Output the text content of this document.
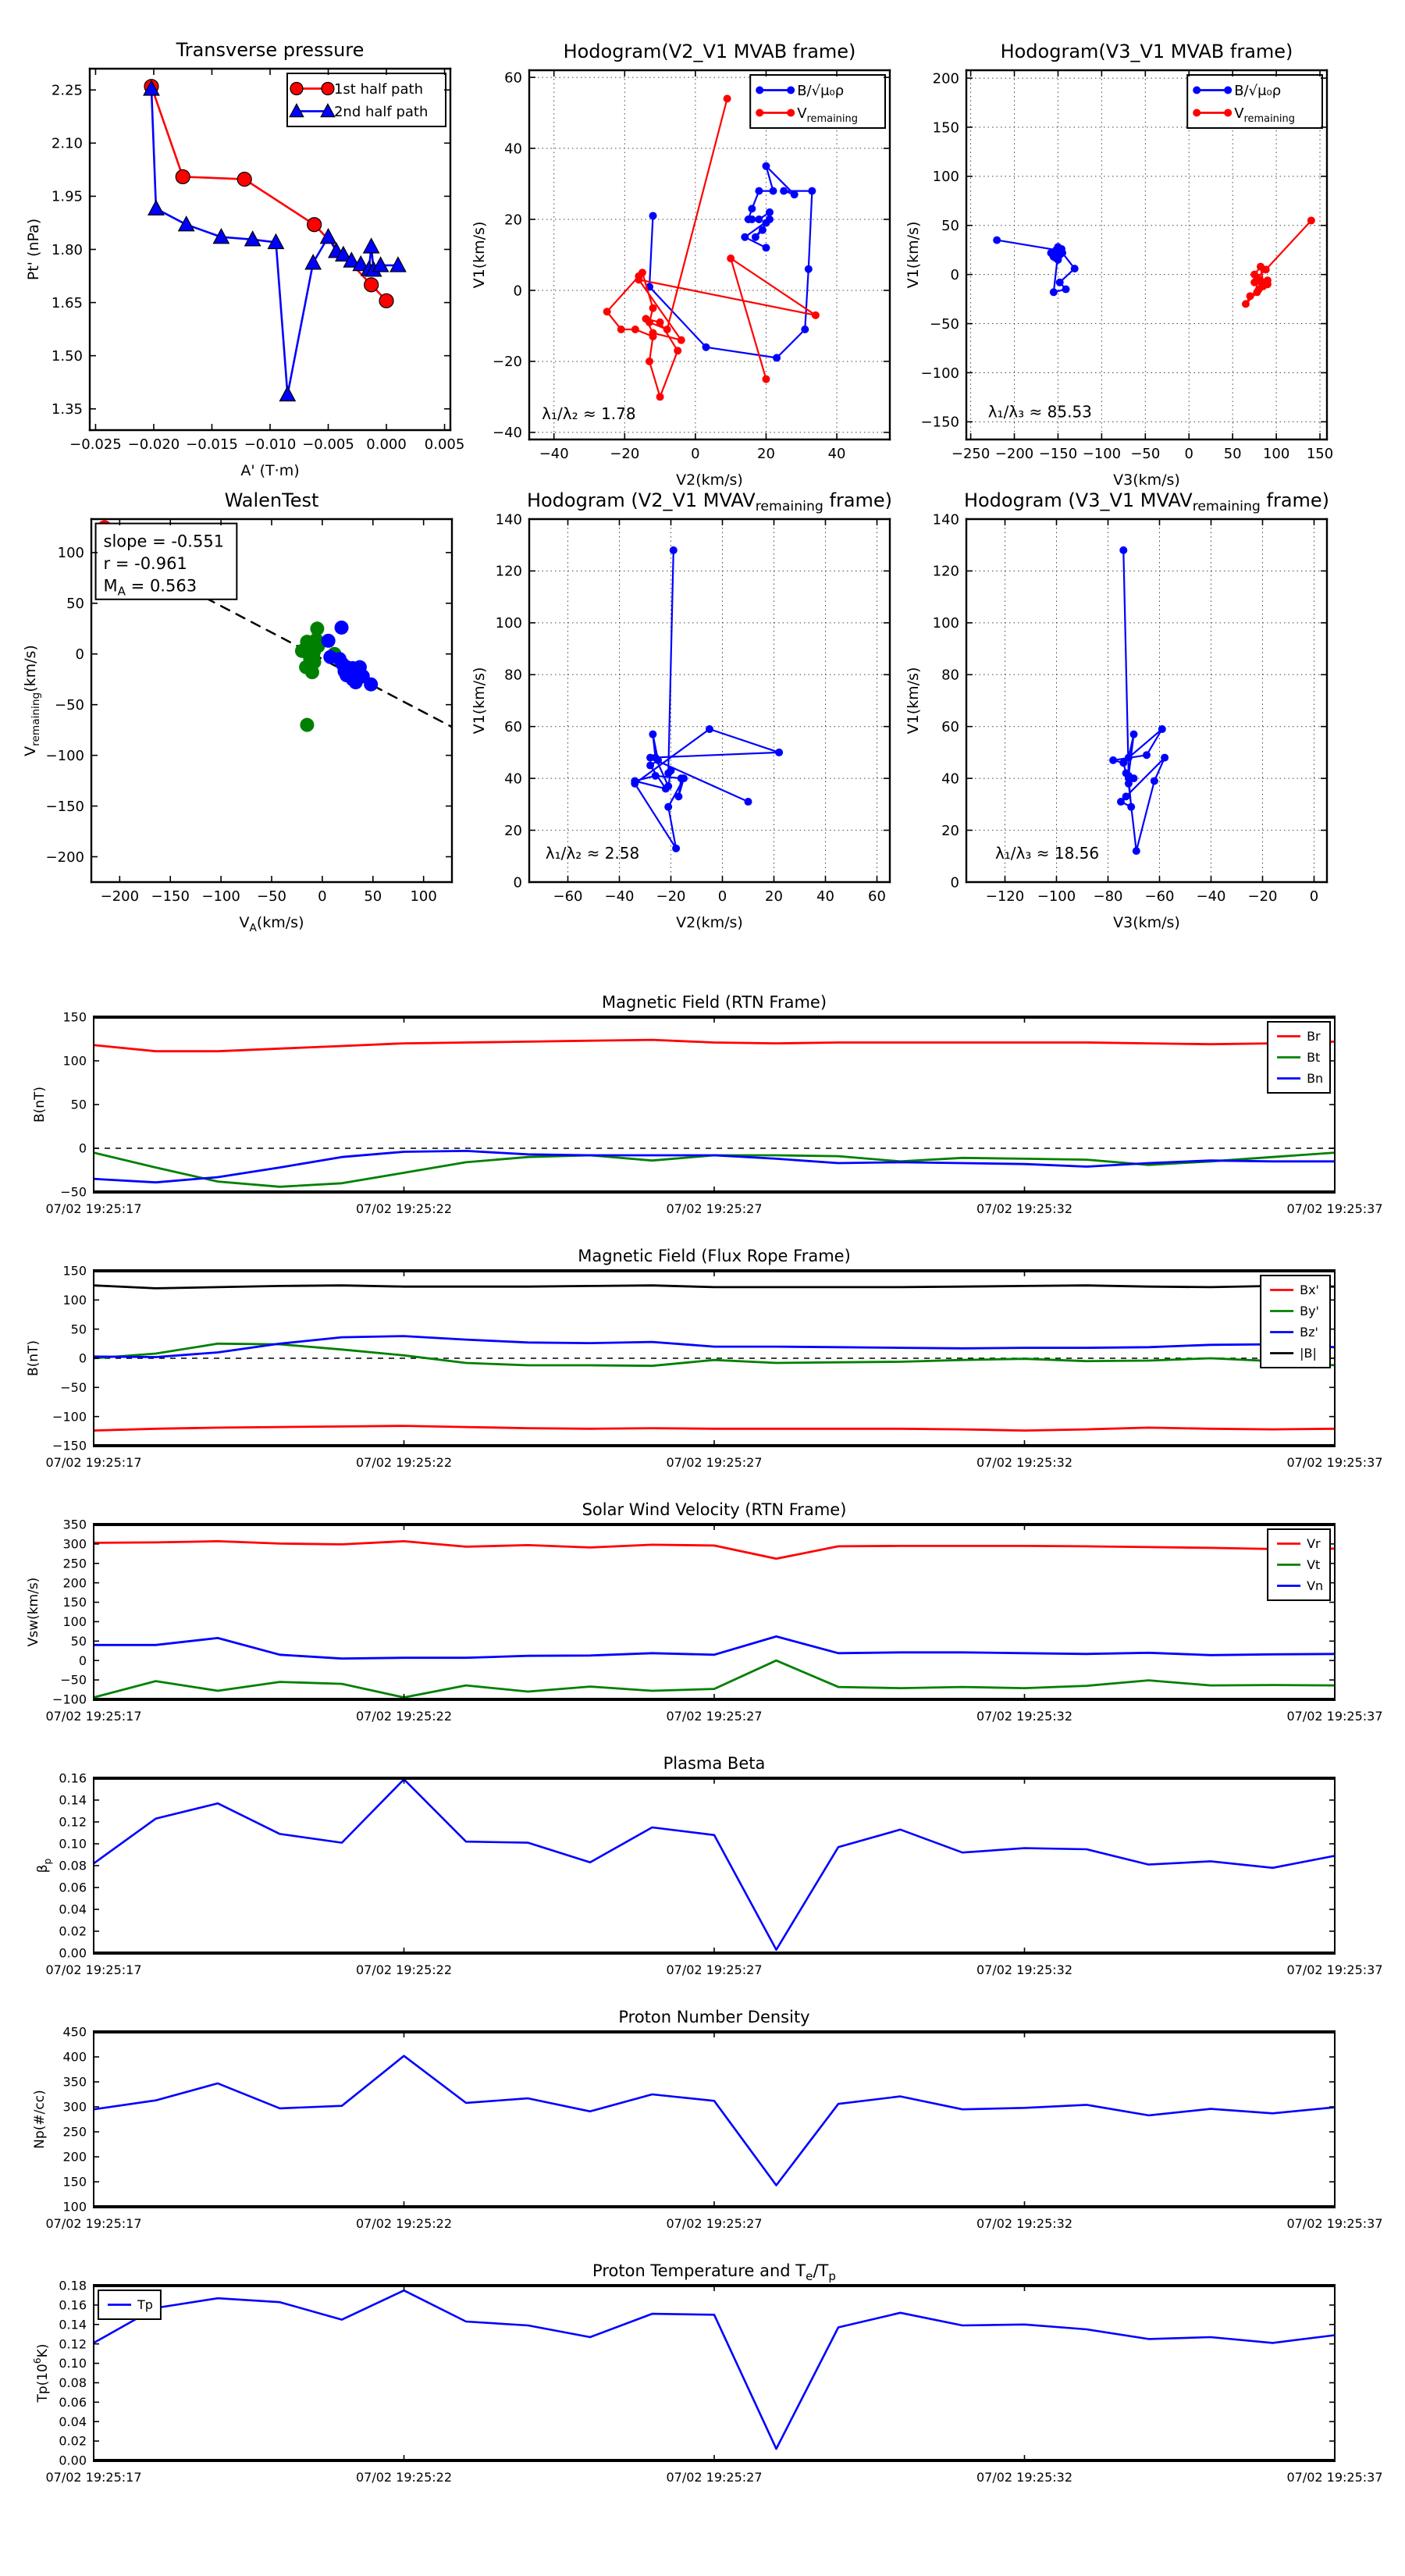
1st half path
2nd half path
−0.025 −0.020 −0.015 −0.010 −0.005 0.000 0.005
1.35
1.50
1.65
1.80
1.95
2.10
2.25
Transverse pressure
A' (T·m)
Pt' (nPa)
λ₁/λ₂ ≈ 1.78
B/√μ₀ρ
$V_{remaining}$
−40	−20	0	20	40
−40
−20
0
20
40
60
Hodogram(V2_V1 MVAB frame)
V2(km/s)
V1(km/s)
λ₁/λ₃ ≈ 85.53
B/√μ₀ρ
$V_{remaining}$
−250 −200 −150 −100 −50 0 50 100 150
−150
−100
−50
0
50
100
150
200
Hodogram(V3_V1 MVAB frame)
V3(km/s)
V1(km/s)
slope = -0.551
r = -0.961
$M_A = 0.563$
−200 −150 −100 −50 0	50 100
−200
−150
−100
−50
0
50
100
WalenTest
$V_A(km/s)$
$V_{remaining}(km/s)$
λ₁/λ₂ ≈ 2.58
−60 −40 −20 0	20 40 60
0
20
40
60
80
100
120
140
Hodogram (V2_V1 $MVAV_{remaining}$ frame)
V2(km/s)
V1(km/s)
λ₁/λ₃ ≈ 18.56
−120 −100 −80 −60 −40 −20 0
0
20
40
60
80
100
120
140
Hodogram (V3_V1 $MVAV_{remaining}$ frame)
V3(km/s)
V1(km/s)
Br
Bt
Bn
07/02 19:25:17	07/02 19:25:22	07/02 19:25:27	07/02 19:25:32	07/02 19:25:37
−50
0
50
100
150
Magnetic Field (RTN Frame)
B(nT)
Bx'
By'
Bz'
|B|
07/02 19:25:17	07/02 19:25:22	07/02 19:25:27	07/02 19:25:32	07/02 19:25:37
−150
−100
−50
0
50
100
150
Magnetic Field (Flux Rope Frame)
B(nT)
Vr
Vt
Vn
07/02 19:25:17	07/02 19:25:22	07/02 19:25:27	07/02 19:25:32	07/02 19:25:37
−100
−50
0
50
100
150
200
250
300
350
Solar Wind Velocity (RTN Frame)
Vsw(km/s)
07/02 19:25:17	07/02 19:25:22	07/02 19:25:27	07/02 19:25:32	07/02 19:25:37
0.00
0.02
0.04
0.06
0.08
0.10
0.12
0.14
0.16
Plasma Beta
$\beta_p$
07/02 19:25:17	07/02 19:25:22	07/02 19:25:27	07/02 19:25:32	07/02 19:25:37
100
150
200
250
300
350
400
450
Proton Number Density
Np(#/cc)
Tp
07/02 19:25:17	07/02 19:25:22	07/02 19:25:27	07/02 19:25:32	07/02 19:25:37
0.00
0.02
0.04
0.06
0.08
0.10
0.12
0.14
0.16
0.18
Proton Temperature and $T_e/T_p$
$Tp(10^6K)$
